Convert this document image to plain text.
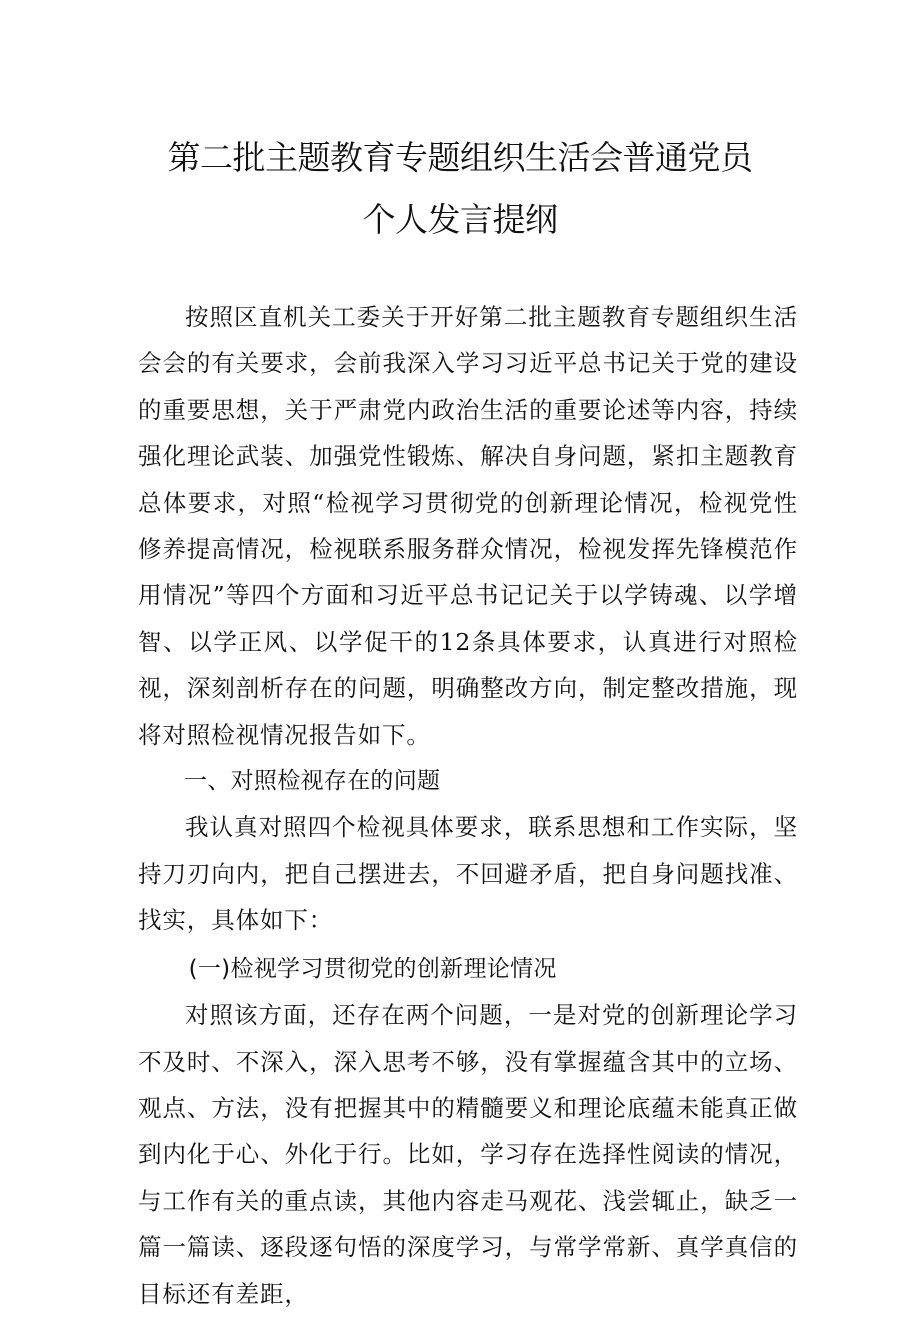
第二批主题教育专题组织生活会普通党员
个人发言提纲

按照区直机关工委关于开好第二批主题教育专题组织生活会会的有关要求，会前我深入学习习近平总书记关于党的建设的重要思想，关于严肃党内政治生活的重要论述等内容，持续强化理论武装、加强党性锻炼、解决自身问题，紧扣主题教育总体要求，对照“检视学习贯彻党的创新理论情况，检视党性修养提高情况，检视联系服务群众情况，检视发挥先锋模范作用情况”等四个方面和习近平总书记记关于以学铸魂、以学增智、以学正风、以学促干的12条具体要求，认真进行对照检视，深刻剖析存在的问题，明确整改方向，制定整改措施，现将对照检视情况报告如下。

一、对照检视存在的问题

我认真对照四个检视具体要求，联系思想和工作实际，坚持刀刃向内，把自己摆进去，不回避矛盾，把自身问题找准、找实，具体如下：

(一)检视学习贯彻党的创新理论情况

对照该方面，还存在两个问题，一是对党的创新理论学习不及时、不深入，深入思考不够，没有掌握蕴含其中的立场、观点、方法，没有把握其中的精髓要义和理论底蕴未能真正做到内化于心、外化于行。比如，学习存在选择性阅读的情况，与工作有关的重点读，其他内容走马观花、浅尝辄止，缺乏一篇一篇读、逐段逐句悟的深度学习，与常学常新、真学真信的目标还有差距，
